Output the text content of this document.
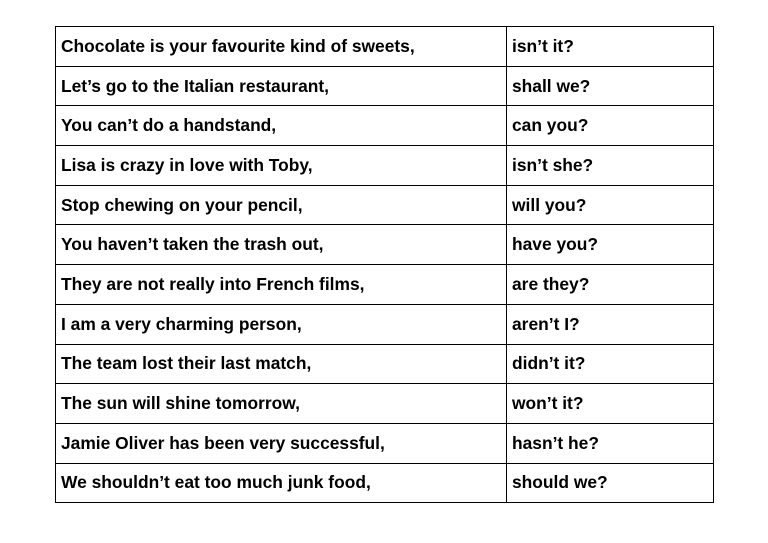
Chocolate is your favourite kind of sweets,	isn’t it?
Let’s go to the Italian restaurant,	shall we?
You can’t do a handstand,	can you?
Lisa is crazy in love with Toby,	isn’t she?
Stop chewing on your pencil,	will you?
You haven’t taken the trash out,	have you?
They are not really into French films,	are they?
I am a very charming person,	aren’t I?
The team lost their last match,	didn’t it?
The sun will shine tomorrow,	won’t it?
Jamie Oliver has been very successful,	hasn’t he?
We shouldn’t eat too much junk food,	should we?
